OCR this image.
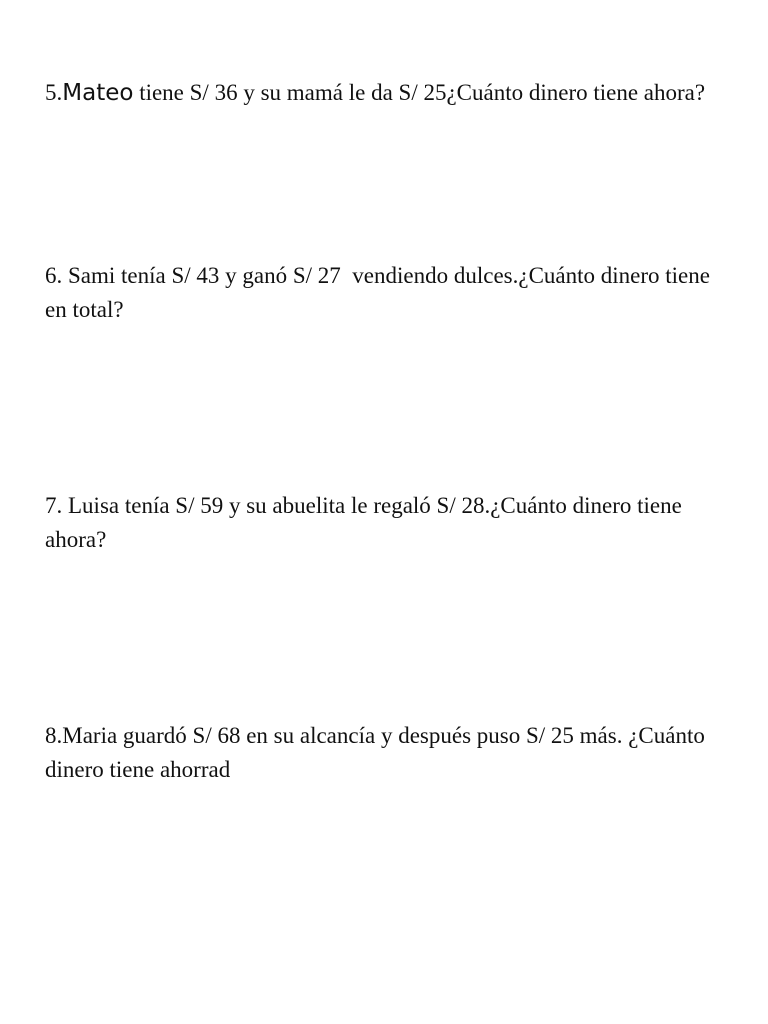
5.Mateo tiene S/ 36 y su mamá le da S/ 25¿Cuánto dinero tiene ahora?

6. Sami tenía S/ 43 y ganó S/ 27  vendiendo dulces.¿Cuánto dinero tiene en total?

7. Luisa tenía S/ 59 y su abuelita le regaló S/ 28.¿Cuánto dinero tiene ahora?

8.Maria guardó S/ 68 en su alcancía y después puso S/ 25 más. ¿Cuánto dinero tiene ahorrad
